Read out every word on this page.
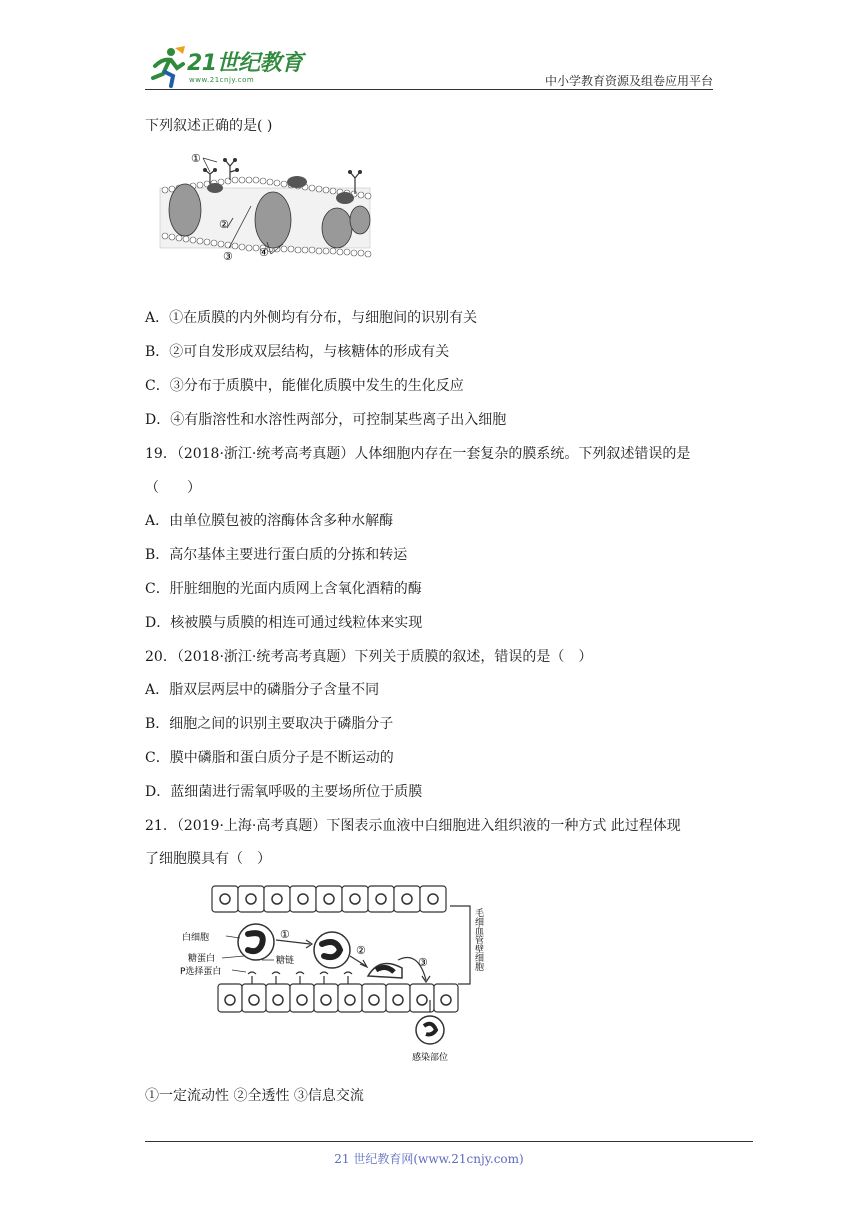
21世纪教育
www.21cnjy.com	中小学教育资源及组卷应用平台
下列叙述正确的是( )
①
②
③ ④
A．①在质膜的内外侧均有分布，与细胞间的识别有关
B．②可自发形成双层结构，与核糖体的形成有关
C．③分布于质膜中，能催化质膜中发生的生化反应
D．④有脂溶性和水溶性两部分，可控制某些离子出入细胞
19．（2018·浙江·统考高考真题）人体细胞内存在一套复杂的膜系统。下列叙述错误的是
（　　）
A．由单位膜包被的溶酶体含多种水解酶
B．高尔基体主要进行蛋白质的分拣和转运
C．肝脏细胞的光面内质网上含氧化酒精的酶
D．核被膜与质膜的相连可通过线粒体来实现
20．（2018·浙江·统考高考真题）下列关于质膜的叙述，错误的是（　）
A．脂双层两层中的磷脂分子含量不同
B．细胞之间的识别主要取决于磷脂分子
C．膜中磷脂和蛋白质分子是不断运动的
D．蓝细菌进行需氧呼吸的主要场所位于质膜
21．（2019·上海·高考真题）下图表示血液中白细胞进入组织液的一种方式 此过程体现
了细胞膜具有（　）
白细胞
糖蛋白	糖链
P选择蛋白
①
②
③
感染部位
毛细血管壁细胞
①一定流动性 ②全透性 ③信息交流
21 世纪教育网(www.21cnjy.com)
